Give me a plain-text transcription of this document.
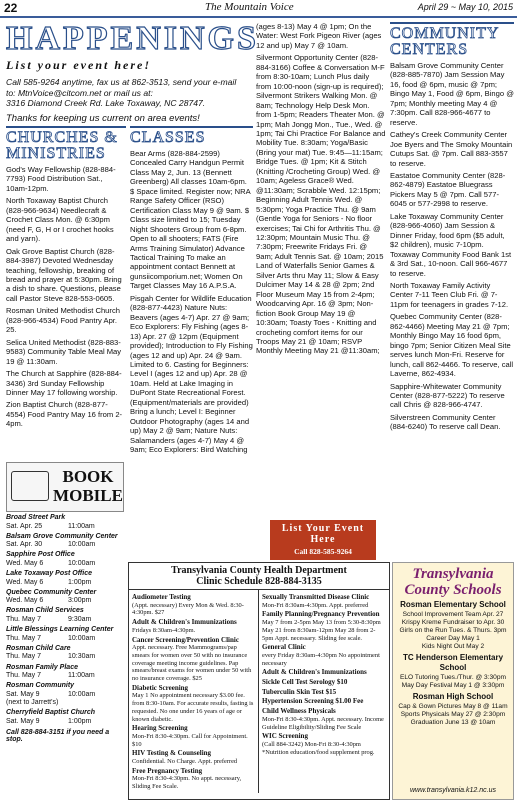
22	The Mountain Voice	April 29 ~ May 10, 2015
HAPPENINGS
List your event here!
Call 585-9264 anytime, fax us at 862-3513, send your e-mail
to: MtnVoice@citcom.net or mail us at:
3316 Diamond Creek Rd. Lake Toxaway, NC 28747.
Thanks for keeping us current on area events!
CHURCHES & MINISTRIES

God's Way Fellowship (828-884-7793) Food Distribution Sat., 10am-12pm.

North Toxaway Baptist Church (828-966-9634) Needlecraft & Crochet Class Mon. @ 6:30pm (need F, G, H or I crochet hooks and yarn).

Oak Grove Baptist Church (828-884-3987) Devoted Wednesday teaching, fellowship, breaking of bread and prayer at 5:30pm. Bring a dish to share. Questions, please call Pastor Steve 828-553-0605.

Rosman United Methodist Church (828-966-4534) Food Pantry Apr. 25.

Selica United Methodist (828-883-9583) Community Table Meal May 19 @ 11:30am.

The Church at Sapphire (828-884-3436) 3rd Sunday Fellowship Dinner May 17 following worship.

Zion Baptist Church (828-877-4554) Food Pantry May 16 from 2-4pm.

CLASSES

Bear Arms (828-884-2599) Concealed Carry Handgun Permit Class May 2, Jun. 13 (Bennett Greenberg) All classes 10am-6pm. $ Space limited. Register now; NRA Range Safety Officer (RSO) Certification Class May 9 @ 9am. $ Class size limited to 15; Tuesday Night Shooters Group from 6-8pm. Open to all shooters; FATS (Fire Arms Training Simulator) Advance Tactical Training To make an appointment contact Bennett at gunsiicomporium.net; Women On Target Classes May 16 A.P.S.A.

Pisgah Center for Wildlife Education (828-877-4423) Nature Nuts: Beavers (ages 4-7) Apr. 27 @ 9am; Eco Explorers: Fly Fishing (ages 8-13) Apr. 27 @ 12pm (Equipment provided); Introduction to Fly Fishing (ages 12 and up) Apr. 24 @ 9am. Limited to 6. Casting for Beginners: Level I (ages 12 and up) Apr. 28 @ 10am. Held at Lake Imaging in DuPont State Recreational Forest. (Equipment/materials are provided) Bring a lunch; Level I: Beginner Outdoor Photography (ages 14 and up) May 2 @ 9am; Nature Nuts: Salamanders (ages 4-7) May 4 @ 9am; Eco Explorers: Bird Watching

(ages 8-13) May 4 @ 1pm; On the Water: West Fork Pigeon River (ages 12 and up) May 7 @ 10am.

Silvermont Opportunity Center (828-884-3166) Coffee & Conversation M-F from 8:30-10am; Lunch Plus daily from 10:00-noon (sign-up is required); Silvermont Strikers Walking Mon. @ 8am; Technology Help Desk Mon. from 1-5pm; Readers Theater Mon. @ 1pm; Mah Jongg Mon., Tue., Wed. @ 1pm; Tai Chi Practice For Balance and Mobility Tue. 8:30am; Yoga/Basic (Bring your mat) Tue. 9:45—11:15am; Bridge Tues. @ 1pm; Kit & Stitch (Knitting /Crocheting Group) Wed. @ 10am; Ageless Grace® Wed. @11:30am; Scrabble Wed. 12:15pm; Beginning Adult Tennis Wed. @ 5:30pm; Yoga Practice Thu. @ 9am (Gentle Yoga for Seniors - No floor exercises; Tai Chi for Arthritis Thu. @ 12:30pm; Mountain Music Thu. @ 7:30pm; Freewrite Fridays Fri. @ 9am; Adult Tennis Sat. @ 10am; 2015 Land of Waterfalls Senior Games & Silver Arts thru May 11; Slow & Easy Dulcimer May 14 & 28 @ 2pm; 2nd Floor Museum May 15 from 2-4pm; Woodcarving Apr. 16 @ 3pm; Non-fiction Book Group May 19 @ 10:30am; Toasty Toes - Knitting and crocheting comfort items for our Troops May 21 @ 10am; RSVP Monthly Meeting May 21 @11:30am;

List Your Event Here
Call 828-585-9264
COMMUNITY CENTERS

Balsam Grove Community Center (828-885-7870) Jam Session May 16, food @ 6pm, music @ 7pm; Bingo May 1, Food @ 6pm, Bingo @ 7pm; Monthly meeting May 4 @ 7:30pm. Call 828-966-4677 to reserve.

Cathey's Creek Community Center Joe Byers and The Smoky Mountain Cutups Sat. @ 7pm. Call 883-3557 to reserve.

Eastatoe Community Center (828-862-4879) Eastatoe Bluegrass Pickers May 5 @ 7pm. Call 577-6045 or 577-2998 to reserve.

Lake Toxaway Community Center (828-966-4060) Jam Session & Dinner Friday, food 6pm ($5 adult, $2 children), music 7-10pm. Toxaway Community Food Bank 1st & 3rd Sat., 10-noon. Call 966-4677 to reserve.

North Toxaway Family Activity Center 7-11 Teen Club Fri. @ 7-11pm for teenagers in grades 7-12.

Quebec Community Center (828-862-4466) Meeting May 21 @ 7pm; Monthly Bingo May 16 food 6pm, bingo 7pm; Senior Citizen Meal Site serves lunch Mon-Fri. Reserve for lunch, call 862-4466. To reserve, call Laverne, 862-4934.

Sapphire-Whitewater Community Center (828-877-5222) To reserve call Chris @ 828-966-4747.

Silverstreen Community Center (884-6240) To reserve call Dean.

BOOK MOBILE
Broad Street Park
Sat. Apr. 25	11:00am
Balsam Grove Community Center
Sat. Apr. 30	10:00am
Sapphire Post Office
Wed. May 6	10:00am
Lake Toxaway Post Office
Wed. May 6	1:00pm
Quebec Community Center
Wed. May 6	3:00pm
Rosman Child Services
Thu. May 7	9:30am
Little Blessings Learning Center
Thu. May 7	10:00am
Rosman Child Care
Thu. May 7	10:30am
Rosman Family Place
Thu. May 7	11:00am
Rosman Community
Sat. May 9	10:00am
(next to Jarrett's)
Cherryfield Baptist Church
Sat. May 9	1:00pm
Call 828-884-3151 if you need a stop.
Transylvania County Health Department
Clinic Schedule 828-884-3135
Audiometer Testing
(Appt. necessary) Every Mon & Wed. 8:30-4:30pm. $27
Adult & Children's Immunizations
Fridays 8:30am-4:30pm.
Cancer Screening/Prevention Clinic
Appt. necessary. Free Mammograms/pap smears for women over 50 with no insurance coverage meeting income guidelines. Pap smears/breast exams for women under 50 with no insurance coverage. $25
Diabetic Screening
May 1 No appointment necessary $3.00 fee. from 8:30-10am. For accurate results, fasting is requested. No one under 16 years of age or known diabetic.
Hearing Screening
Mon-Fri 8:30-4:30pm. Call for Appointment. $10
HIV Testing & Counseling
Confidential. No Charge. Appt. preferred
Free Pregnancy Testing
Mon-Fri 8:30-4:30pm. No appt. necessary, Sliding Fee Scale.
Sexually Transmitted Disease Clinic
Mon-Fri 8:30am-4:30pm. Appt. preferred
Family Planning/Pregnancy Prevention
May 7 from 2-5pm May 13 from 5:30-8:30pm May 21 from 8:30am-12pm May 28 from 2-5pm Appt. necessary. Sliding fee scale.
General Clinic
every Friday 8:30am-4:30pm No appointment necessary
Adult & Children's Immunizations
Sickle Cell Test Serology $10
Tuberculin Skin Test $15
Hypertension Screening $1.00 Fee
Child Wellness Physicals
Mon-Fri 8:30-4:30pm. Appt. necessary. Income Guideline Eligibility/Sliding Fee Scale
WIC Screening
(Call 884-3242) Mon-Fri 8:30-4:30pm *Nutrition education/food supplement prog.
Transylvania County Schools
Rosman Elementary School
School Improvement Team Apr. 27
Krispy Kreme Fundraiser to Apr. 30
Girls on the Run Tues. & Thurs. 3pm
Career Day May 1
Kids Night Out May 2
TC Henderson Elementary School
ELO Tutoring Tues./Thur. @ 3:30pm
May Day Festival May 1 @ 3:30pm
Rosman High School
Cap & Gown Pictures May 8 @ 11am
Sports Physicals May 27 @ 2:30pm
Graduation June 13 @ 10am
www.transylvania.k12.nc.us
